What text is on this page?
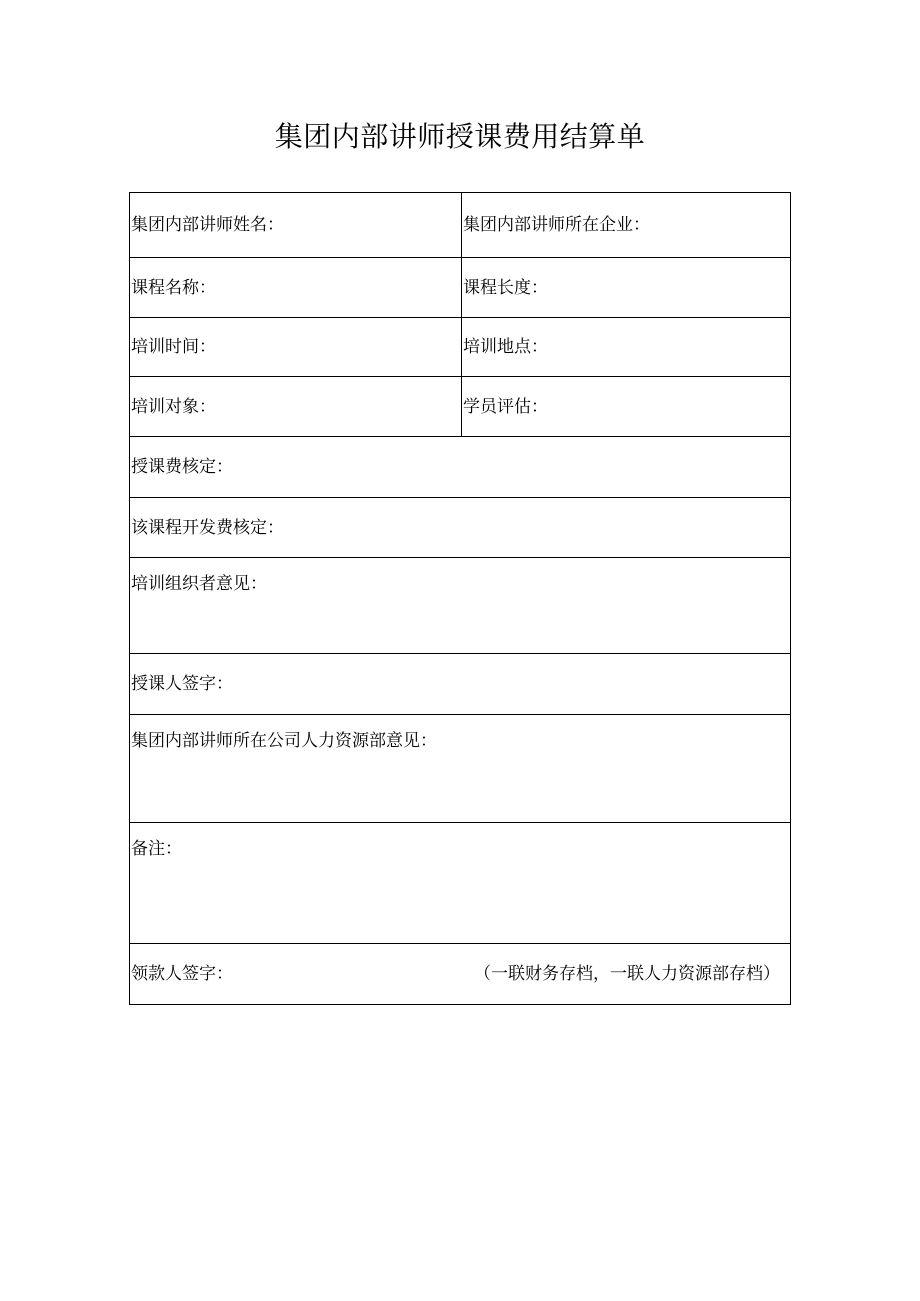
集团内部讲师授课费用结算单
集团内部讲师姓名：	集团内部讲师所在企业：
课程名称：	课程长度：
培训时间：	培训地点：
培训对象：	学员评估：
授课费核定：	
该课程开发费核定：	
培训组织者意见：	
授课人签字：	
集团内部讲师所在公司人力资源部意见：	
备注：	

领款人签字： （一联财务存档，一联人力资源部存档）	
